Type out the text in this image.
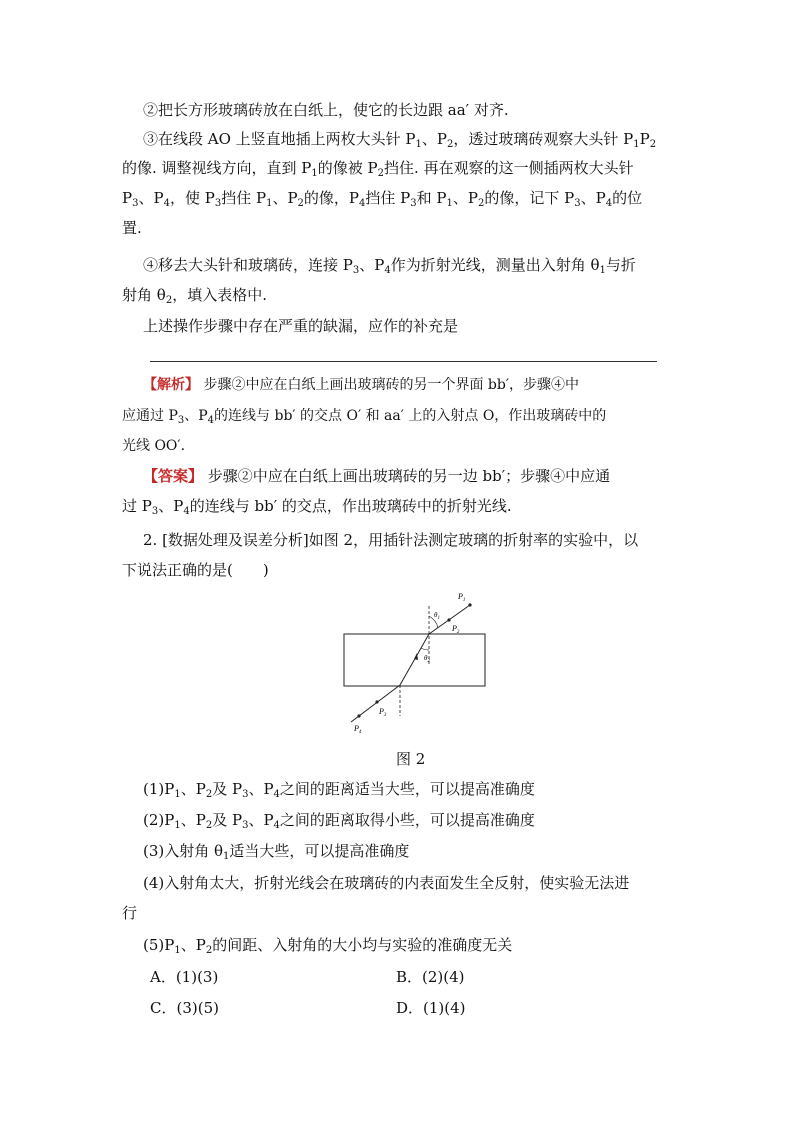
②把长方形玻璃砖放在白纸上，使它的长边跟 aa′ 对齐.
③在线段 AO 上竖直地插上两枚大头针 $P_1$、$P_2$，透过玻璃砖观察大头针 $P_1P_2$
的像. 调整视线方向，直到 $P_1$的像被 $P_2$挡住. 再在观察的这一侧插两枚大头针
$P_3$、$P_4$，使 $P_3$挡住 $P_1$、$P_2$的像，$P_4$挡住 $P_3$和 $P_1$、$P_2$的像，记下 $P_3$、$P_4$的位
置.
④移去大头针和玻璃砖，连接 $P_3$、$P_4$作为折射光线，测量出入射角 $\theta_1$与折
射角 $\theta_2$，填入表格中.
上述操作步骤中存在严重的缺漏，应作的补充是
【解析】 步骤②中应在白纸上画出玻璃砖的另一个界面 bb′，步骤④中
应通过 $P_3$、$P_4$的连线与 bb′ 的交点 O′ 和 aa′ 上的入射点 O，作出玻璃砖中的
光线 OO′.
【答案】 步骤②中应在白纸上画出玻璃砖的另一边 bb′；步骤④中应通
过 $P_3$、$P_4$的连线与 bb′ 的交点，作出玻璃砖中的折射光线.
2. [数据处理及误差分析]如图 2，用插针法测定玻璃的折射率的实验中，以
下说法正确的是(　　)
$P_1$
$P_2$
$P_3$
$P_4$
$\theta_1$
$\theta_2$
图 2
$(1)P_1$、$P_2$及 $P_3$、$P_4$之间的距离适当大些，可以提高准确度
$(2)P_1$、$P_2$及 $P_3$、$P_4$之间的距离取得小些，可以提高准确度
(3)入射角 $\theta_1$适当大些，可以提高准确度
(4)入射角太大，折射光线会在玻璃砖的内表面发生全反射，使实验无法进
行
$(5)P_1$、$P_2$的间距、入射角的大小均与实验的准确度无关
A．(1)(3)	B．(2)(4)
C．(3)(5)	D．(1)(4)
